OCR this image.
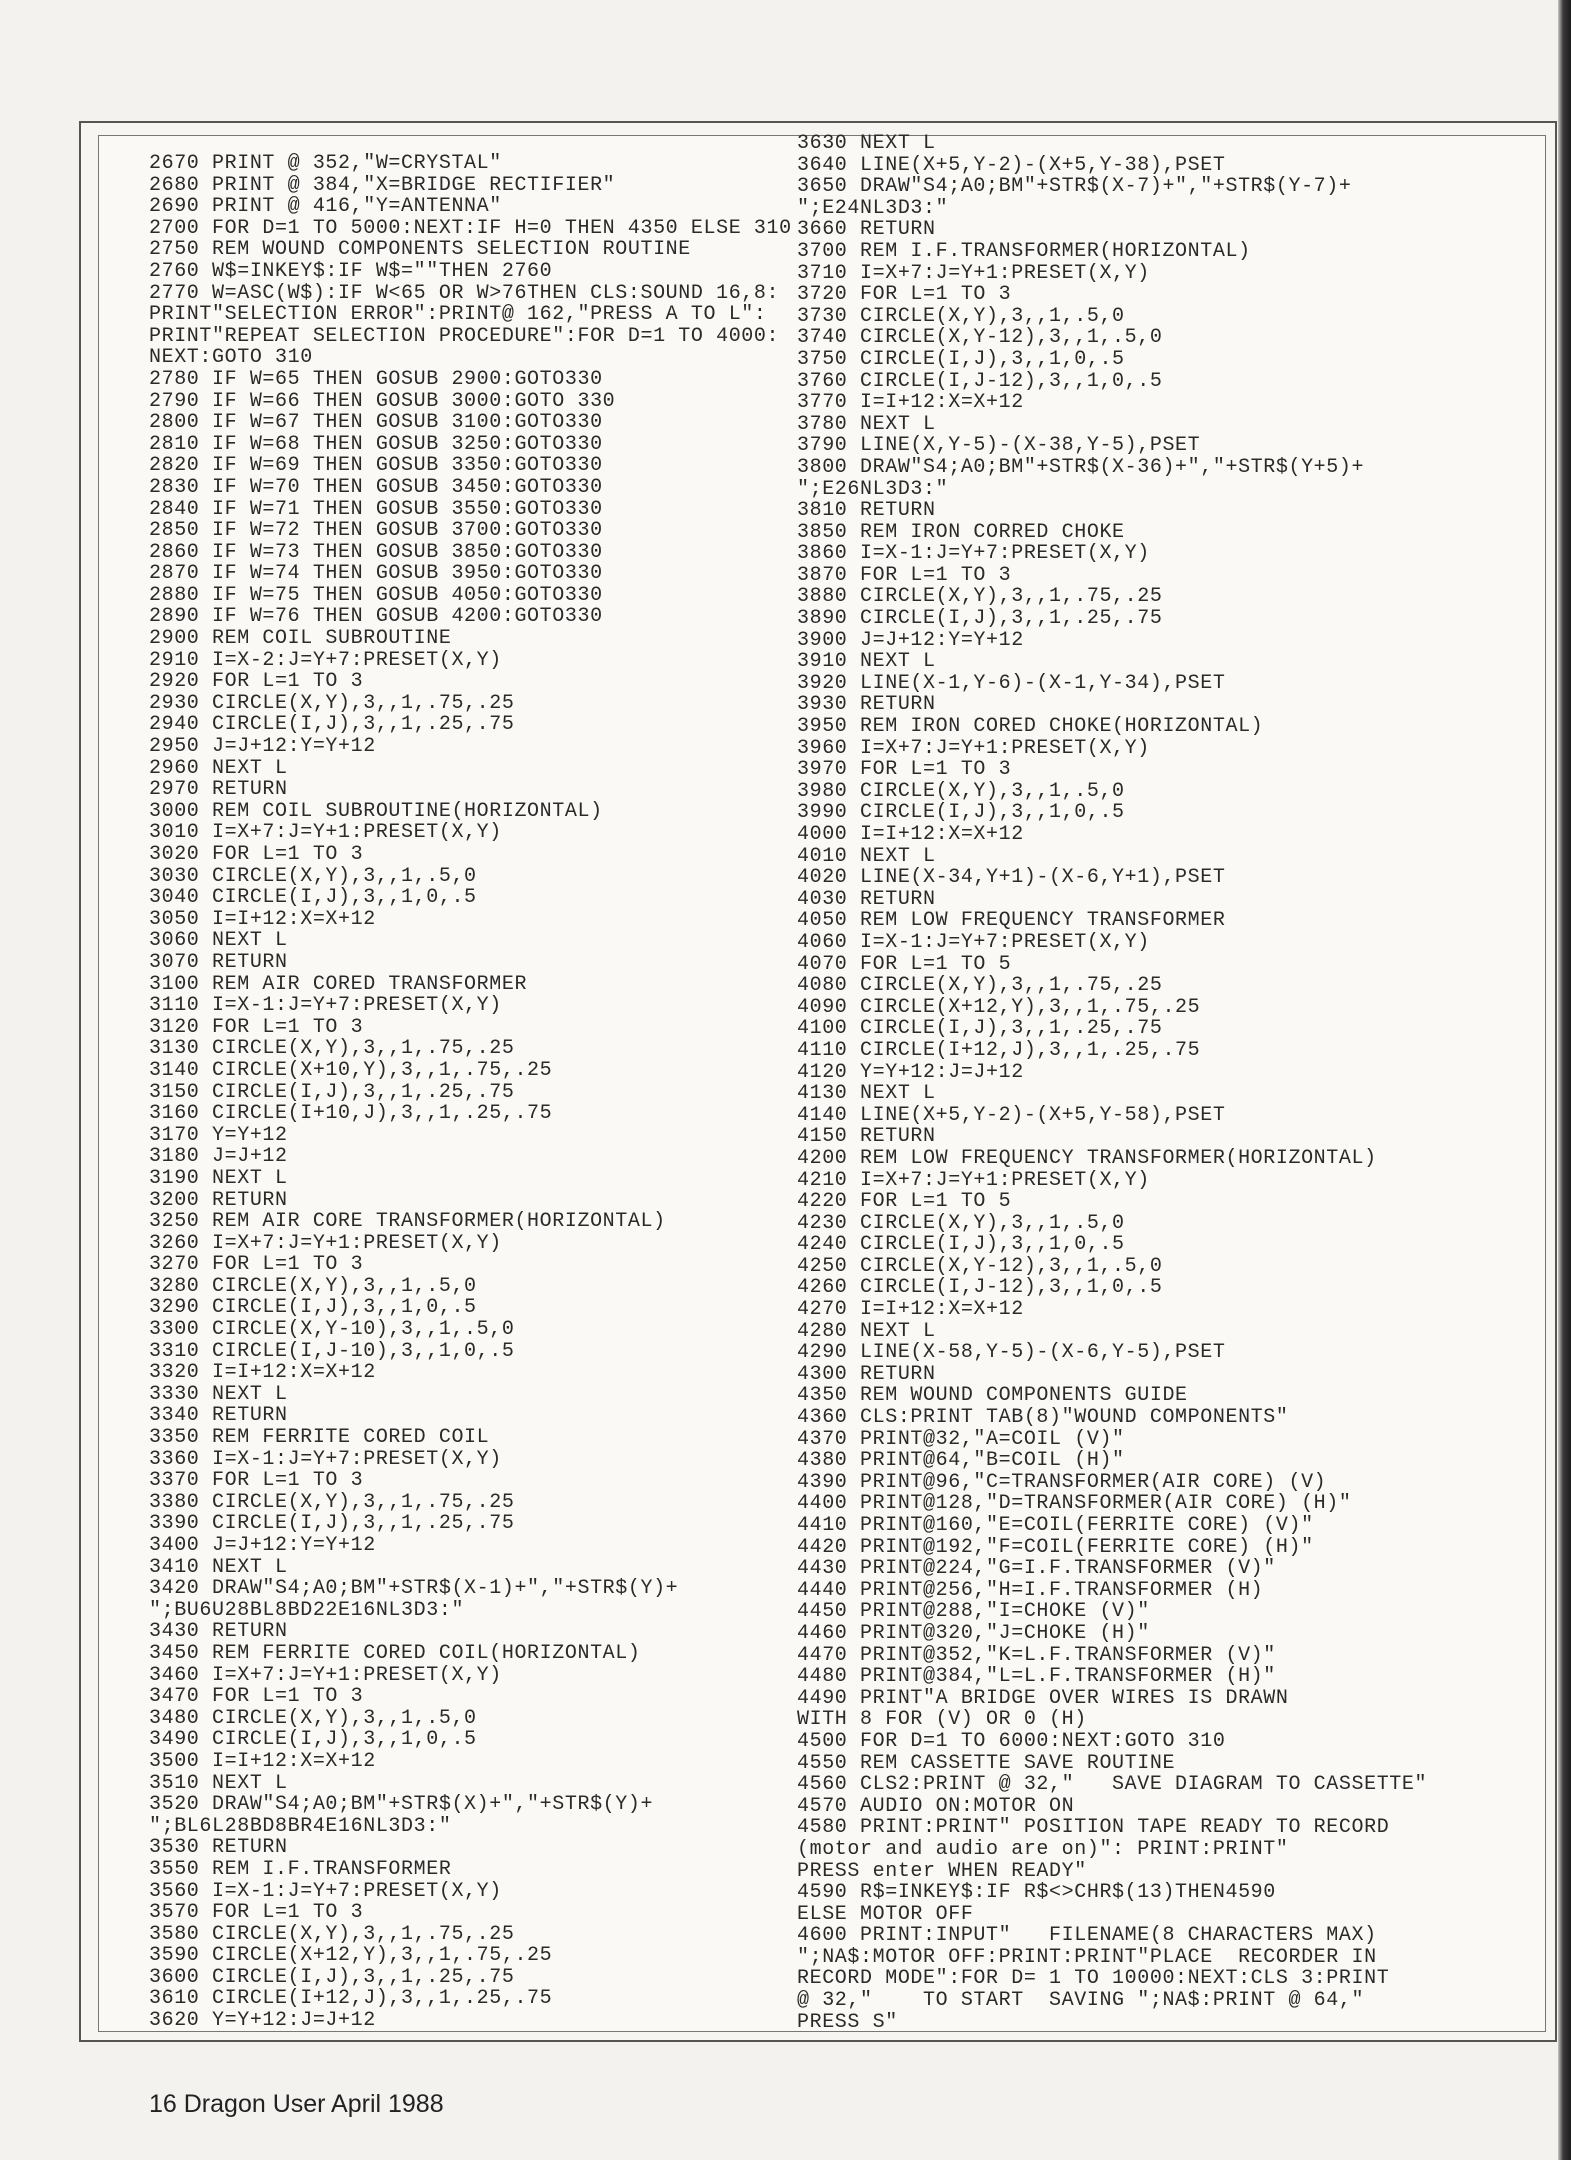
2670 PRINT @ 352,"W=CRYSTAL"
2680 PRINT @ 384,"X=BRIDGE RECTIFIER"
2690 PRINT @ 416,"Y=ANTENNA"
2700 FOR D=1 TO 5000:NEXT:IF H=0 THEN 4350 ELSE 310
2750 REM WOUND COMPONENTS SELECTION ROUTINE
2760 W$=INKEY$:IF W$=""THEN 2760
2770 W=ASC(W$):IF W<65 OR W>76THEN CLS:SOUND 16,8:
PRINT"SELECTION ERROR":PRINT@ 162,"PRESS A TO L":
PRINT"REPEAT SELECTION PROCEDURE":FOR D=1 TO 4000:
NEXT:GOTO 310
2780 IF W=65 THEN GOSUB 2900:GOTO330
2790 IF W=66 THEN GOSUB 3000:GOTO 330
2800 IF W=67 THEN GOSUB 3100:GOTO330
2810 IF W=68 THEN GOSUB 3250:GOTO330
2820 IF W=69 THEN GOSUB 3350:GOTO330
2830 IF W=70 THEN GOSUB 3450:GOTO330
2840 IF W=71 THEN GOSUB 3550:GOTO330
2850 IF W=72 THEN GOSUB 3700:GOTO330
2860 IF W=73 THEN GOSUB 3850:GOTO330
2870 IF W=74 THEN GOSUB 3950:GOTO330
2880 IF W=75 THEN GOSUB 4050:GOTO330
2890 IF W=76 THEN GOSUB 4200:GOTO330
2900 REM COIL SUBROUTINE
2910 I=X-2:J=Y+7:PRESET(X,Y)
2920 FOR L=1 TO 3
2930 CIRCLE(X,Y),3,,1,.75,.25
2940 CIRCLE(I,J),3,,1,.25,.75
2950 J=J+12:Y=Y+12
2960 NEXT L
2970 RETURN
3000 REM COIL SUBROUTINE(HORIZONTAL)
3010 I=X+7:J=Y+1:PRESET(X,Y)
3020 FOR L=1 TO 3
3030 CIRCLE(X,Y),3,,1,.5,0
3040 CIRCLE(I,J),3,,1,0,.5
3050 I=I+12:X=X+12
3060 NEXT L
3070 RETURN
3100 REM AIR CORED TRANSFORMER
3110 I=X-1:J=Y+7:PRESET(X,Y)
3120 FOR L=1 TO 3
3130 CIRCLE(X,Y),3,,1,.75,.25
3140 CIRCLE(X+10,Y),3,,1,.75,.25
3150 CIRCLE(I,J),3,,1,.25,.75
3160 CIRCLE(I+10,J),3,,1,.25,.75
3170 Y=Y+12
3180 J=J+12
3190 NEXT L
3200 RETURN
3250 REM AIR CORE TRANSFORMER(HORIZONTAL)
3260 I=X+7:J=Y+1:PRESET(X,Y)
3270 FOR L=1 TO 3
3280 CIRCLE(X,Y),3,,1,.5,0
3290 CIRCLE(I,J),3,,1,0,.5
3300 CIRCLE(X,Y-10),3,,1,.5,0
3310 CIRCLE(I,J-10),3,,1,0,.5
3320 I=I+12:X=X+12
3330 NEXT L
3340 RETURN
3350 REM FERRITE CORED COIL
3360 I=X-1:J=Y+7:PRESET(X,Y)
3370 FOR L=1 TO 3
3380 CIRCLE(X,Y),3,,1,.75,.25
3390 CIRCLE(I,J),3,,1,.25,.75
3400 J=J+12:Y=Y+12
3410 NEXT L
3420 DRAW"S4;A0;BM"+STR$(X-1)+","+STR$(Y)+
";BU6U28BL8BD22E16NL3D3:"
3430 RETURN
3450 REM FERRITE CORED COIL(HORIZONTAL)
3460 I=X+7:J=Y+1:PRESET(X,Y)
3470 FOR L=1 TO 3
3480 CIRCLE(X,Y),3,,1,.5,0
3490 CIRCLE(I,J),3,,1,0,.5
3500 I=I+12:X=X+12
3510 NEXT L
3520 DRAW"S4;A0;BM"+STR$(X)+","+STR$(Y)+
";BL6L28BD8BR4E16NL3D3:"
3530 RETURN
3550 REM I.F.TRANSFORMER
3560 I=X-1:J=Y+7:PRESET(X,Y)
3570 FOR L=1 TO 3
3580 CIRCLE(X,Y),3,,1,.75,.25
3590 CIRCLE(X+12,Y),3,,1,.75,.25
3600 CIRCLE(I,J),3,,1,.25,.75
3610 CIRCLE(I+12,J),3,,1,.25,.75
3620 Y=Y+12:J=J+12
3630 NEXT L
3640 LINE(X+5,Y-2)-(X+5,Y-38),PSET
3650 DRAW"S4;A0;BM"+STR$(X-7)+","+STR$(Y-7)+
";E24NL3D3:"
3660 RETURN
3700 REM I.F.TRANSFORMER(HORIZONTAL)
3710 I=X+7:J=Y+1:PRESET(X,Y)
3720 FOR L=1 TO 3
3730 CIRCLE(X,Y),3,,1,.5,0
3740 CIRCLE(X,Y-12),3,,1,.5,0
3750 CIRCLE(I,J),3,,1,0,.5
3760 CIRCLE(I,J-12),3,,1,0,.5
3770 I=I+12:X=X+12
3780 NEXT L
3790 LINE(X,Y-5)-(X-38,Y-5),PSET
3800 DRAW"S4;A0;BM"+STR$(X-36)+","+STR$(Y+5)+
";E26NL3D3:"
3810 RETURN
3850 REM IRON CORRED CHOKE
3860 I=X-1:J=Y+7:PRESET(X,Y)
3870 FOR L=1 TO 3
3880 CIRCLE(X,Y),3,,1,.75,.25
3890 CIRCLE(I,J),3,,1,.25,.75
3900 J=J+12:Y=Y+12
3910 NEXT L
3920 LINE(X-1,Y-6)-(X-1,Y-34),PSET
3930 RETURN
3950 REM IRON CORED CHOKE(HORIZONTAL)
3960 I=X+7:J=Y+1:PRESET(X,Y)
3970 FOR L=1 TO 3
3980 CIRCLE(X,Y),3,,1,.5,0
3990 CIRCLE(I,J),3,,1,0,.5
4000 I=I+12:X=X+12
4010 NEXT L
4020 LINE(X-34,Y+1)-(X-6,Y+1),PSET
4030 RETURN
4050 REM LOW FREQUENCY TRANSFORMER
4060 I=X-1:J=Y+7:PRESET(X,Y)
4070 FOR L=1 TO 5
4080 CIRCLE(X,Y),3,,1,.75,.25
4090 CIRCLE(X+12,Y),3,,1,.75,.25
4100 CIRCLE(I,J),3,,1,.25,.75
4110 CIRCLE(I+12,J),3,,1,.25,.75
4120 Y=Y+12:J=J+12
4130 NEXT L
4140 LINE(X+5,Y-2)-(X+5,Y-58),PSET
4150 RETURN
4200 REM LOW FREQUENCY TRANSFORMER(HORIZONTAL)
4210 I=X+7:J=Y+1:PRESET(X,Y)
4220 FOR L=1 TO 5
4230 CIRCLE(X,Y),3,,1,.5,0
4240 CIRCLE(I,J),3,,1,0,.5
4250 CIRCLE(X,Y-12),3,,1,.5,0
4260 CIRCLE(I,J-12),3,,1,0,.5
4270 I=I+12:X=X+12
4280 NEXT L
4290 LINE(X-58,Y-5)-(X-6,Y-5),PSET
4300 RETURN
4350 REM WOUND COMPONENTS GUIDE
4360 CLS:PRINT TAB(8)"WOUND COMPONENTS"
4370 PRINT@32,"A=COIL (V)"
4380 PRINT@64,"B=COIL (H)"
4390 PRINT@96,"C=TRANSFORMER(AIR CORE) (V)
4400 PRINT@128,"D=TRANSFORMER(AIR CORE) (H)"
4410 PRINT@160,"E=COIL(FERRITE CORE) (V)"
4420 PRINT@192,"F=COIL(FERRITE CORE) (H)"
4430 PRINT@224,"G=I.F.TRANSFORMER (V)"
4440 PRINT@256,"H=I.F.TRANSFORMER (H)
4450 PRINT@288,"I=CHOKE (V)"
4460 PRINT@320,"J=CHOKE (H)"
4470 PRINT@352,"K=L.F.TRANSFORMER (V)"
4480 PRINT@384,"L=L.F.TRANSFORMER (H)"
4490 PRINT"A BRIDGE OVER WIRES IS DRAWN
WITH 8 FOR (V) OR 0 (H)
4500 FOR D=1 TO 6000:NEXT:GOTO 310
4550 REM CASSETTE SAVE ROUTINE
4560 CLS2:PRINT @ 32,"   SAVE DIAGRAM TO CASSETTE"
4570 AUDIO ON:MOTOR ON
4580 PRINT:PRINT" POSITION TAPE READY TO RECORD
(motor and audio are on)": PRINT:PRINT"
PRESS enter WHEN READY"
4590 R$=INKEY$:IF R$<>CHR$(13)THEN4590
ELSE MOTOR OFF
4600 PRINT:INPUT"   FILENAME(8 CHARACTERS MAX)
";NA$:MOTOR OFF:PRINT:PRINT"PLACE  RECORDER IN
RECORD MODE":FOR D= 1 TO 10000:NEXT:CLS 3:PRINT
@ 32,"    TO START  SAVING ";NA$:PRINT @ 64,"
PRESS S"
16 Dragon User April 1988
